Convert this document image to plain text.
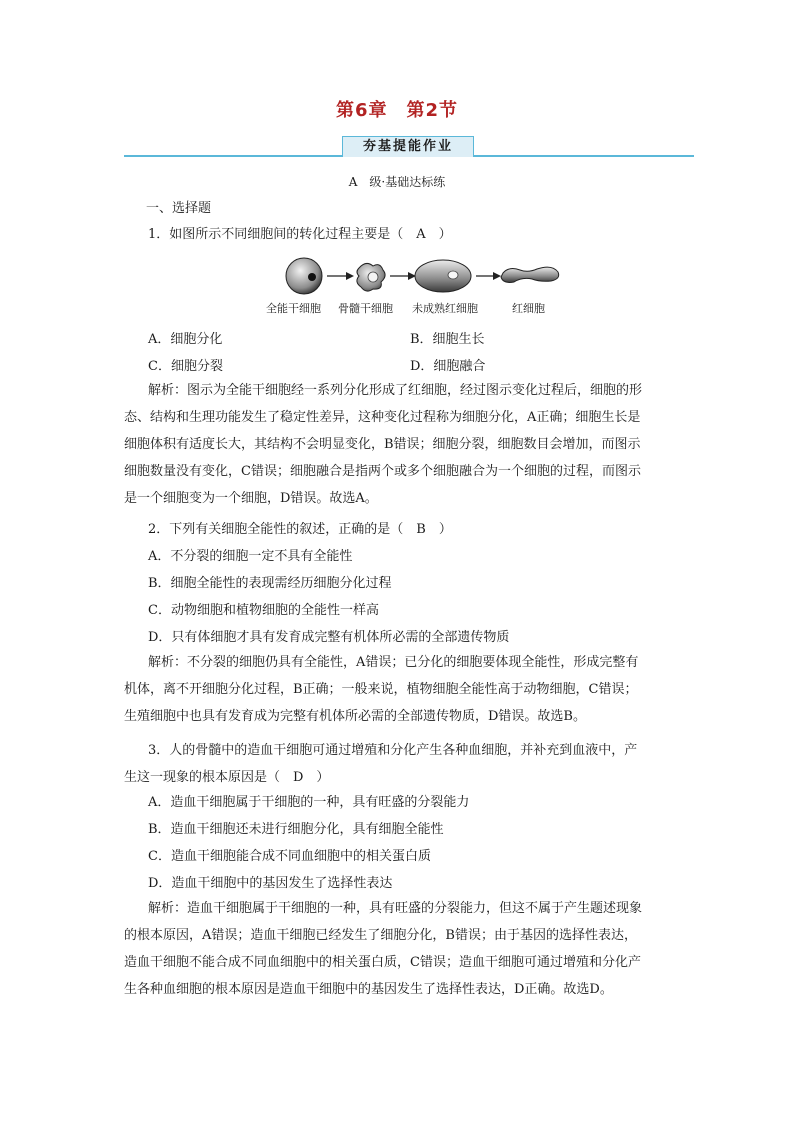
第6章　第2节
夯基提能作业
A　级·基础达标练
一、选择题
1．如图所示不同细胞间的转化过程主要是（　A　）
全能干细胞 骨髓干细胞 未成熟红细胞	红细胞
A．细胞分化	B．细胞生长
C．细胞分裂	D．细胞融合
解析：图示为全能干细胞经一系列分化形成了红细胞，经过图示变化过程后，细胞的形
态、结构和生理功能发生了稳定性差异，这种变化过程称为细胞分化，A正确；细胞生长是
细胞体积有适度长大，其结构不会明显变化，B错误；细胞分裂，细胞数目会增加，而图示
细胞数量没有变化，C错误；细胞融合是指两个或多个细胞融合为一个细胞的过程，而图示
是一个细胞变为一个细胞，D错误。故选A。
2．下列有关细胞全能性的叙述，正确的是（　B　）
A．不分裂的细胞一定不具有全能性
B．细胞全能性的表现需经历细胞分化过程
C．动物细胞和植物细胞的全能性一样高
D．只有体细胞才具有发育成完整有机体所必需的全部遗传物质
解析：不分裂的细胞仍具有全能性，A错误；已分化的细胞要体现全能性，形成完整有
机体，离不开细胞分化过程，B正确；一般来说，植物细胞全能性高于动物细胞，C错误；
生殖细胞中也具有发育成为完整有机体所必需的全部遗传物质，D错误。故选B。
3．人的骨髓中的造血干细胞可通过增殖和分化产生各种血细胞，并补充到血液中，产
生这一现象的根本原因是（　D　）
A．造血干细胞属于干细胞的一种，具有旺盛的分裂能力
B．造血干细胞还未进行细胞分化，具有细胞全能性
C．造血干细胞能合成不同血细胞中的相关蛋白质
D．造血干细胞中的基因发生了选择性表达
解析：造血干细胞属于干细胞的一种，具有旺盛的分裂能力，但这不属于产生题述现象
的根本原因，A错误；造血干细胞已经发生了细胞分化，B错误；由于基因的选择性表达，
造血干细胞不能合成不同血细胞中的相关蛋白质，C错误；造血干细胞可通过增殖和分化产
生各种血细胞的根本原因是造血干细胞中的基因发生了选择性表达，D正确。故选D。
